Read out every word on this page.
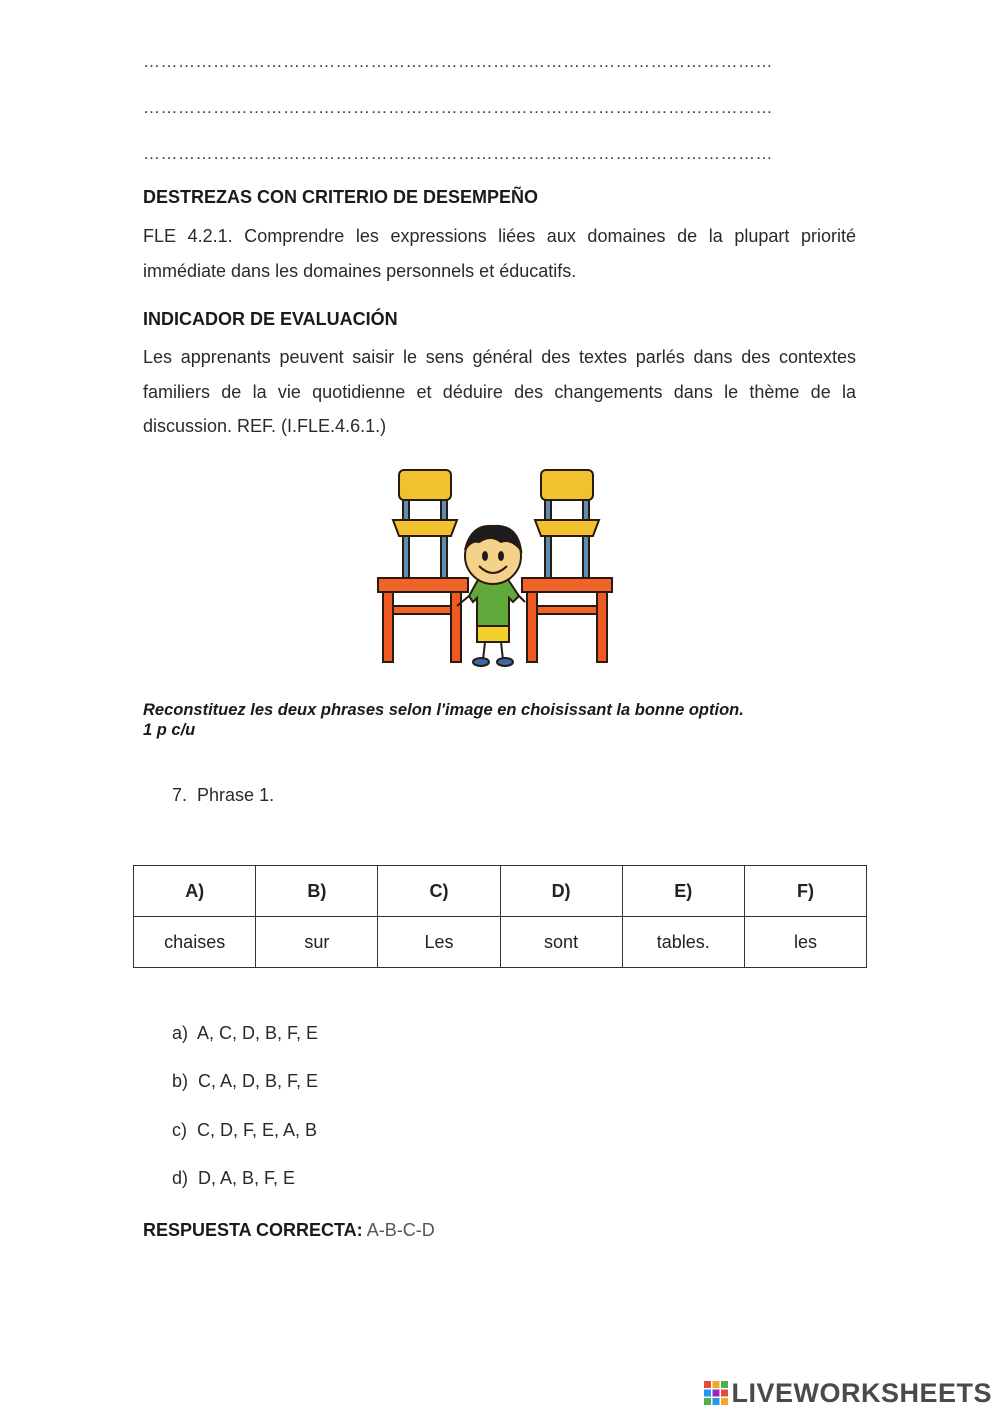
………………………………………………………………………………………………
………………………………………………………………………………………………
………………………………………………………………………………………………
DESTREZAS CON CRITERIO DE DESEMPEÑO
FLE 4.2.1. Comprendre les expressions liées aux domaines de la plupart priorité immédiate dans les domaines personnels et éducatifs.
INDICADOR DE EVALUACIÓN
Les apprenants peuvent saisir le sens général des textes parlés dans des contextes familiers de la vie quotidienne et déduire des changements dans le thème de la discussion. REF. (I.FLE.4.6.1.)
Reconstituez les deux phrases selon l'image en choisissant la bonne option.
1 p c/u
7. Phrase 1.
A)	B)	C)	D)	E)	F)
chaises	sur	Les	sont	tables.	les
a) A, C, D, B, F, E
b) C, A, D, B, F, E
c) C, D, F, E, A, B
d) D, A, B, F, E
RESPUESTA CORRECTA: A-B-C-D
LIVEWORKSHEETS
